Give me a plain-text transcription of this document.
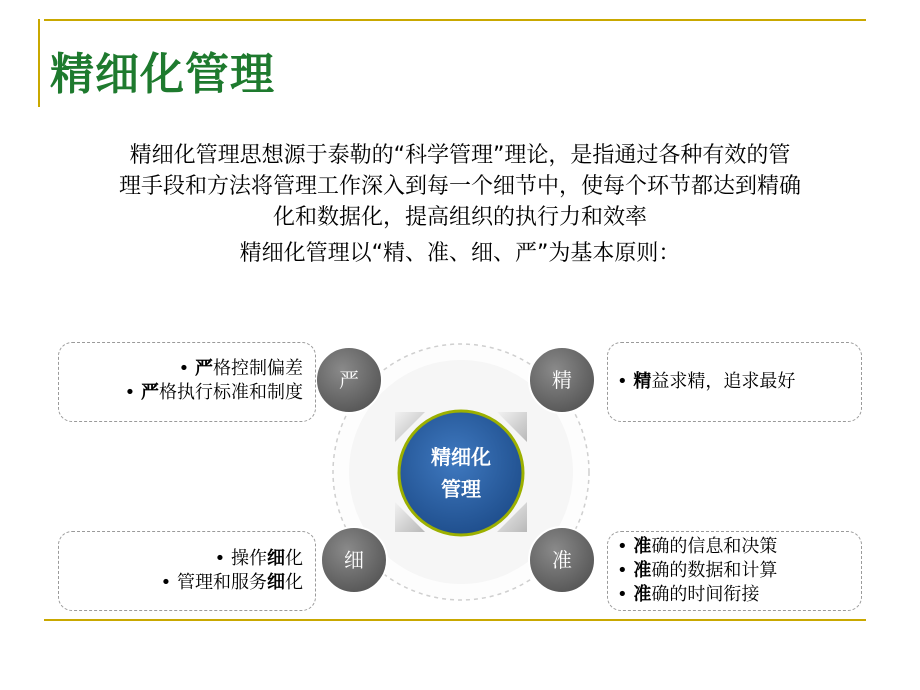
精细化管理
精细化管理思想源于泰勒的“科学管理”理论，是指通过各种有效的管
理手段和方法将管理工作深入到每一个细节中，使每个环节都达到精确
化和数据化，提高组织的执行力和效率
精细化管理以“精、准、细、严”为基本原则：
严	精
细	准
精细化
管理
• 严格控制偏差
• 严格执行标准和制度
• 精益求精，追求最好
• 操作细化
• 管理和服务细化
• 准确的信息和决策
• 准确的数据和计算
• 准确的时间衔接
